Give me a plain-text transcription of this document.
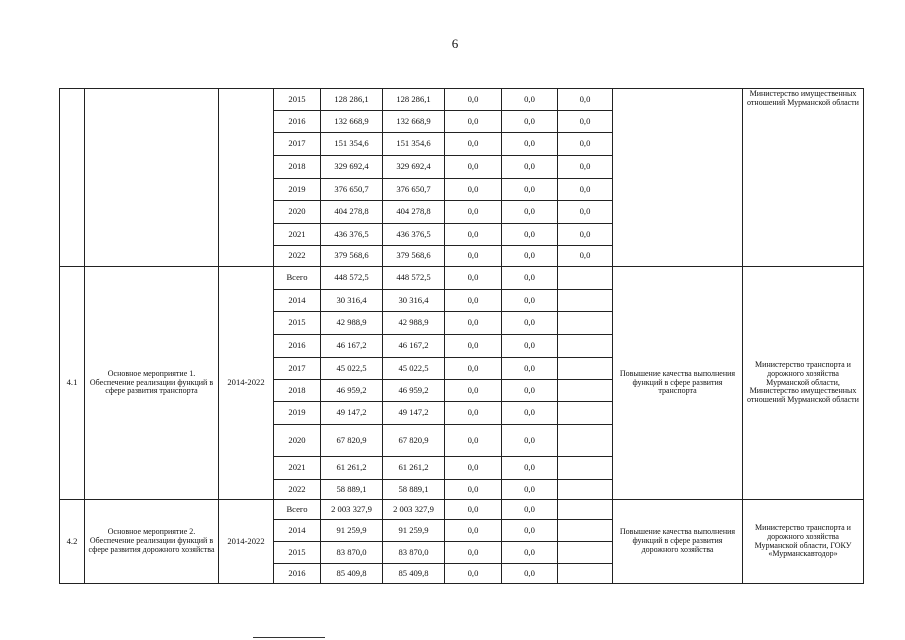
6
			2015	128 286,1	128 286,1	0,0	0,0	0,0		Министерство имущественных отношений Мурманской области
			2016	132 668,9	132 668,9	0,0	0,0	0,0		
			2017	151 354,6	151 354,6	0,0	0,0	0,0		
			2018	329 692,4	329 692,4	0,0	0,0	0,0		
			2019	376 650,7	376 650,7	0,0	0,0	0,0		
			2020	404 278,8	404 278,8	0,0	0,0	0,0		
			2021	436 376,5	436 376,5	0,0	0,0	0,0		
			2022	379 568,6	379 568,6	0,0	0,0	0,0		
4.1	Основное мероприятие 1. Обеспечение реализации функций в сфере развития транспорта	2014-2022	Всего	448 572,5	448 572,5	0,0	0,0		Повышение качества выполнения функций в сфере развития транспорта	Министерство транспорта и дорожного хозяйства Мурманской области, Министерство имущественных отношений Мурманской области
			2014	30 316,4	30 316,4	0,0	0,0			
			2015	42 988,9	42 988,9	0,0	0,0			
			2016	46 167,2	46 167,2	0,0	0,0			
			2017	45 022,5	45 022,5	0,0	0,0			
			2018	46 959,2	46 959,2	0,0	0,0			
			2019	49 147,2	49 147,2	0,0	0,0			
			2020	67 820,9	67 820,9	0,0	0,0			
			2021	61 261,2	61 261,2	0,0	0,0			
			2022	58 889,1	58 889,1	0,0	0,0			
4.2	Основное мероприятие 2. Обеспечение реализации функций в сфере развития дорожного хозяйства	2014-2022	Всего	2 003 327,9	2 003 327,9	0,0	0,0		Повышение качества выполнения функций в сфере развития дорожного хозяйства	Министерство транспорта и дорожного хозяйства Мурманской области, ГОКУ «Мурманскавтодор»
			2014	91 259,9	91 259,9	0,0	0,0			
			2015	83 870,0	83 870,0	0,0	0,0			
			2016	85 409,8	85 409,8	0,0	0,0			
